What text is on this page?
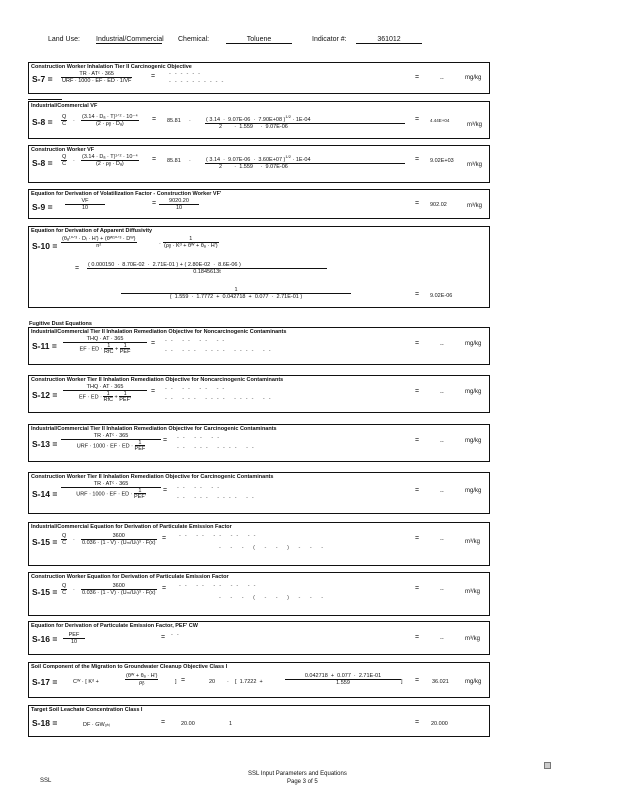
Land Use: Industrial/Commercial Chemical:	Toluene	Indicator #:	361012
Construction Worker Inhalation Tier II Carcinogenic Objective
S-7 =	TR · ATᶜ · 365
URF · 1000 · EF · ED · 1/VF
=	------
----------
=	--	mg/kg
Industrial/Commercial VF
$S-8 = \frac{Q}{C}$ ·
(3.14 · Dₐ · T)¹ᐟ² · 10⁻⁴
(2 · ρᵦ · Dₐ)
= 85.81 ·	$\frac{( 3.14 \cdot 9.07E-06 \cdot 7.90E+08 )^{1/2} \cdot 1E-04}{2 \cdot 1.559 \cdot 9.07E-06} = 4.44E+04$
m³/kg
Construction Worker VF
$S-8 = \frac{Q}{C}$ ·
(3.14 · Dₐ · T)¹ᐟ² · 10⁻⁴
(2 · ρᵦ · Dₐ)
= 85.81 ·	$\frac{( 3.14 \cdot 9.07E-06 \cdot 3.60E+07 )^{1/2} \cdot 1E-04}{2 \cdot 1.559 \cdot 9.07E-06} = 9.02E+03$
m³/kg
Equation for Derivation of Volatilization Factor - Construction Worker VF'
$S-9 = \frac{VF}{10}$	= $\frac{9020.20}{10}$	= 902.02	m³/kg
Equation for Derivation of Apparent Diffusivity
S-10 =
(θₐ¹⁰ᐟ³ · Dᵢ · H') + (θᵂ¹⁰ᐟ³ · Dᵂ)
n²	· $\frac{1}{\text{(ρᵦ · Kᵈ + θᵂ + θₐ · H')}}$
= ( 0.000150  ·  8.70E-02  ·  2.71E-01 ) + ( 2.80E-02  ·  8.6E-06 )
0.1845613t
$\frac{1}{( 1.559 \cdot 1.7772 + 0.042718 + 0.077 \cdot 2.71E-01 )}$	= 9.02E-06
Fugitive Dust Equations
Industrial/Commercial Tier II Inhalation Remediation Objective for Noncarcinogenic Contaminants
S-11 =
THQ · AT · 365
EF · ED · 1
RfC + 1
PEF
= -- -- -- --
-- --- ---- ---- --
=	--	mg/kg
Construction Worker Tier II Inhalation Remediation Objective for Noncarcinogenic Contaminants
S-12 =
THQ · AT · 365
EF · ED · 1
RfC + 1
PEF'
= -- -- -- --
-- --- ---- ---- --
=	--	mg/kg
Industrial/Commercial Tier II Inhalation Remediation Objective for Carcinogenic Contaminants
S-13 =
TR · ATᶜ · 365
URF · 1000 · EF · ED · 1
PEF
= -- -- --
-- --- ---- --
=	--	mg/kg
Construction Worker Tier II Inhalation Remediation Objective for Carcinogenic Contaminants
S-14 =
TR · ATᶜ · 365
URF · 1000 · EF · ED · 1
PEF'
= -- -- --
-- --- ---- --
=	--	mg/kg
Industrial/Commercial Equation for Derivation of Particulate Emission Factor
$S-15 = \frac{Q}{C} \cdot \frac{3600}{\text{0.036 · (1 - V) · (Uₘ/Uₜ)³ · F(x)}}$ = -- -- -- -- --
- - - ( - - ) - - -
=	--	m³/kg
Construction Worker Equation for Derivation of Particulate Emission Factor
$S-15 = \frac{Q}{C} \cdot \frac{3600}{\text{0.036 · (1 - V) · (Uₘ/Uₜ)³ · F(x)}}$ = -- -- -- -- --
- - - ( - - ) - - -
=	--	m³/kg
Equation for Derivation of Particulate Emission Factor, PEF' CW
S-16 =	PEF
10
= --	=	--	m³/kg
Soil Component of the Migration to Groundwater Cleanup Objective Class I
S-17 =	Cᵂ · [ Kᵈ +	$\frac{\text{(θᵂ + θₐ · H')}}{\text{ρᵦ}}$	] =	20 · [  1.7222  +	$\frac{0.042718 + 0.077 \cdot 2.71E-01}{1.559}$ ] = 36.021	mg/kg
Target Soil Leachate Concentration Class I
S-18 =	DF · GWₒₕⱼ	=	20.00	1	= 20.000
SSL
SSL Input Parameters and Equations
Page 3 of 5
